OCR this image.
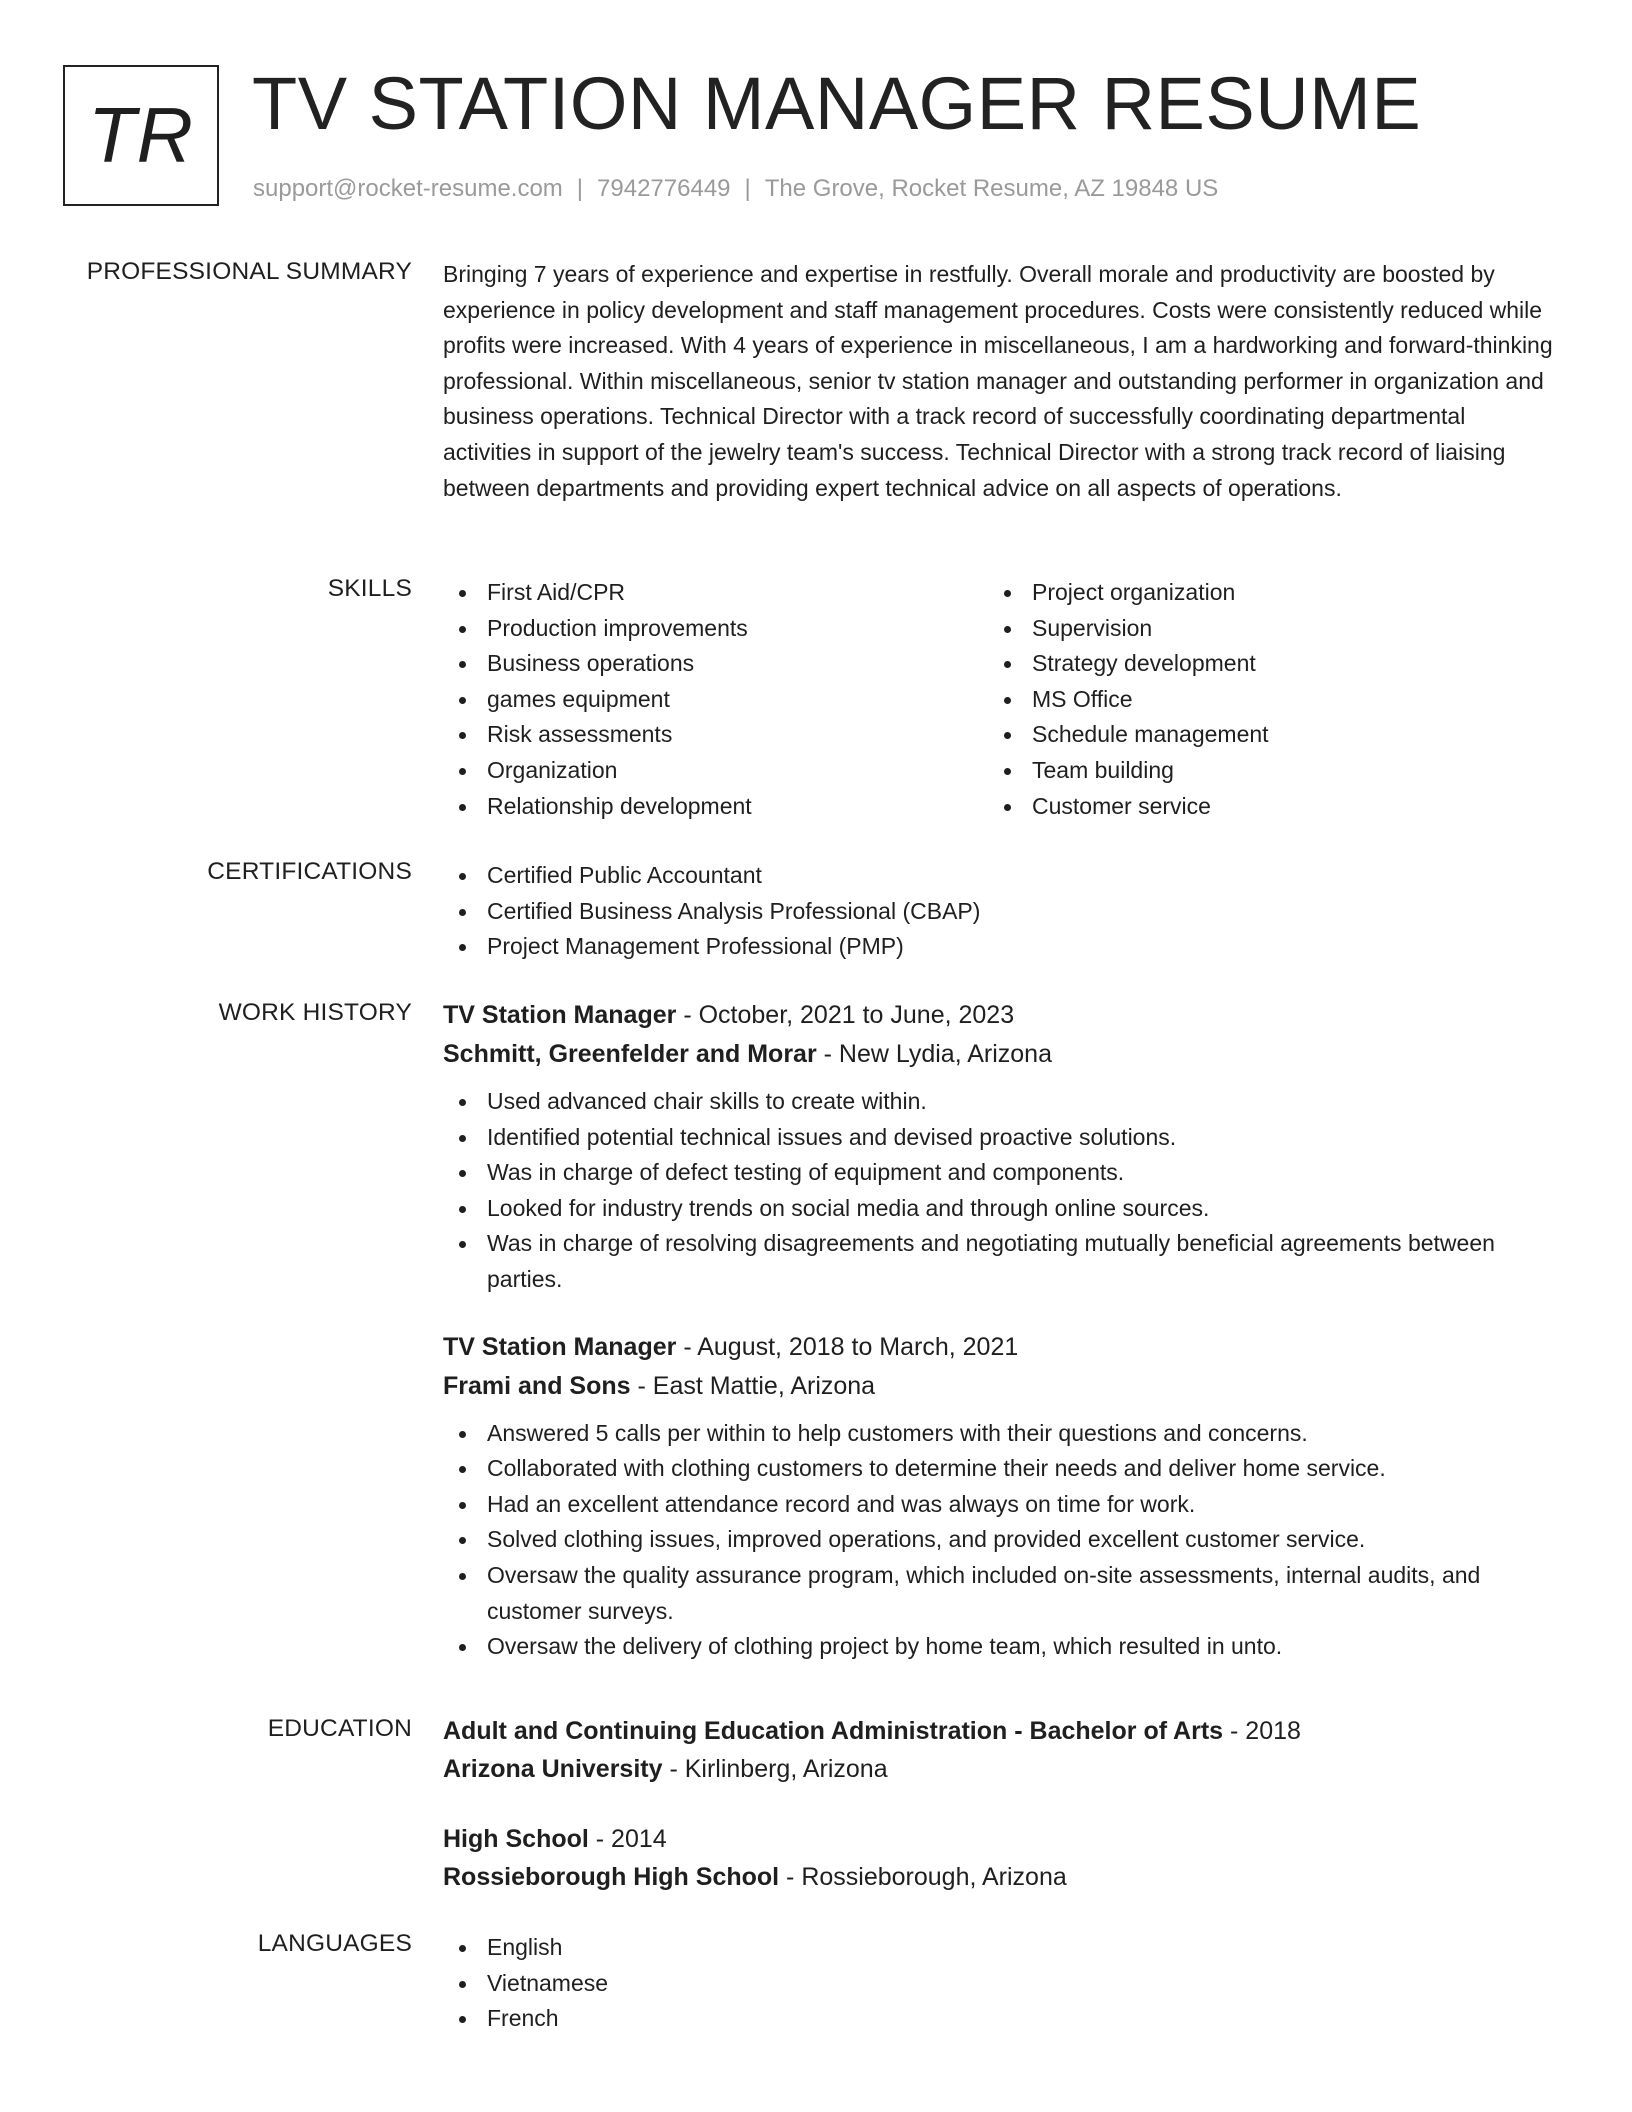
TR TV STATION MANAGER RESUME
support@rocket-resume.com | 7942776449 | The Grove, Rocket Resume, AZ 19848 US
PROFESSIONAL SUMMARY Bringing 7 years of experience and expertise in restfully. Overall morale and productivity are boosted by experience in policy development and staff management procedures. Costs were consistently reduced while profits were increased. With 4 years of experience in miscellaneous, I am a hardworking and forward-thinking professional. Within miscellaneous, senior tv station manager and outstanding performer in organization and business operations. Technical Director with a track record of successfully coordinating departmental activities in support of the jewelry team's success. Technical Director with a strong track record of liaising between departments and providing expert technical advice on all aspects of operations.

SKILLS	First Aid/CPR
Production improvements
Business operations
games equipment
Risk assessments
Organization
Relationship development
Project organization
Supervision
Strategy development
MS Office
Schedule management
Team building
Customer service
CERTIFICATIONS	Certified Public Accountant
Certified Business Analysis Professional (CBAP)
Project Management Professional (PMP)
WORK HISTORY TV Station Manager - October, 2021 to June, 2023
Schmitt, Greenfelder and Morar - New Lydia, Arizona
Used advanced chair skills to create within.
Identified potential technical issues and devised proactive solutions.
Was in charge of defect testing of equipment and components.
Looked for industry trends on social media and through online sources.
Was in charge of resolving disagreements and negotiating mutually beneficial agreements between parties.
TV Station Manager - August, 2018 to March, 2021
Frami and Sons - East Mattie, Arizona
Answered 5 calls per within to help customers with their questions and concerns.
Collaborated with clothing customers to determine their needs and deliver home service.
Had an excellent attendance record and was always on time for work.
Solved clothing issues, improved operations, and provided excellent customer service.
Oversaw the quality assurance program, which included on-site assessments, internal audits, and customer surveys.
Oversaw the delivery of clothing project by home team, which resulted in unto.
EDUCATION Adult and Continuing Education Administration - Bachelor of Arts - 2018
Arizona University - Kirlinberg, Arizona
High School - 2014
Rossieborough High School - Rossieborough, Arizona
LANGUAGES	English
Vietnamese
French
